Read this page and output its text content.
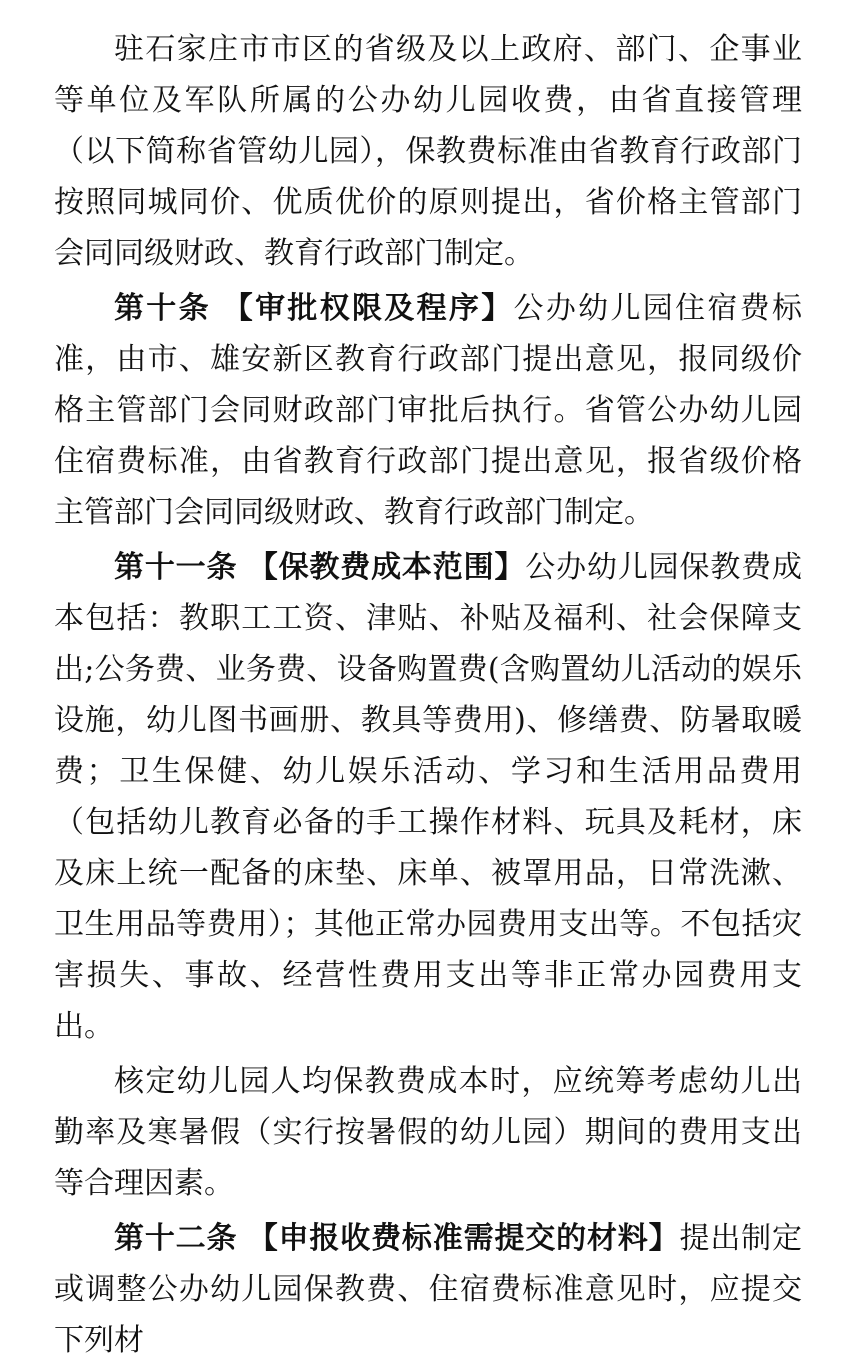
驻石家庄市市区的省级及以上政府、部门、企事业等单位及军队所属的公办幼儿园收费，由省直接管理（以下简称省管幼儿园），保教费标准由省教育行政部门按照同城同价、优质优价的原则提出，省价格主管部门会同同级财政、教育行政部门制定。

第十条 【审批权限及程序】公办幼儿园住宿费标准，由市、雄安新区教育行政部门提出意见，报同级价格主管部门会同财政部门审批后执行。省管公办幼儿园住宿费标准，由省教育行政部门提出意见，报省级价格主管部门会同同级财政、教育行政部门制定。

第十一条 【保教费成本范围】公办幼儿园保教费成本包括：教职工工资、津贴、补贴及福利、社会保障支出;公务费、业务费、设备购置费(含购置幼儿活动的娱乐设施，幼儿图书画册、教具等费用)、修缮费、防暑取暖费；卫生保健、幼儿娱乐活动、学习和生活用品费用（包括幼儿教育必备的手工操作材料、玩具及耗材，床及床上统一配备的床垫、床单、被罩用品，日常洗漱、卫生用品等费用）；其他正常办园费用支出等。不包括灾害损失、事故、经营性费用支出等非正常办园费用支出。

核定幼儿园人均保教费成本时，应统筹考虑幼儿出勤率及寒暑假（实行按暑假的幼儿园）期间的费用支出等合理因素。

第十二条 【申报收费标准需提交的材料】提出制定或调整公办幼儿园保教费、住宿费标准意见时，应提交下列材
